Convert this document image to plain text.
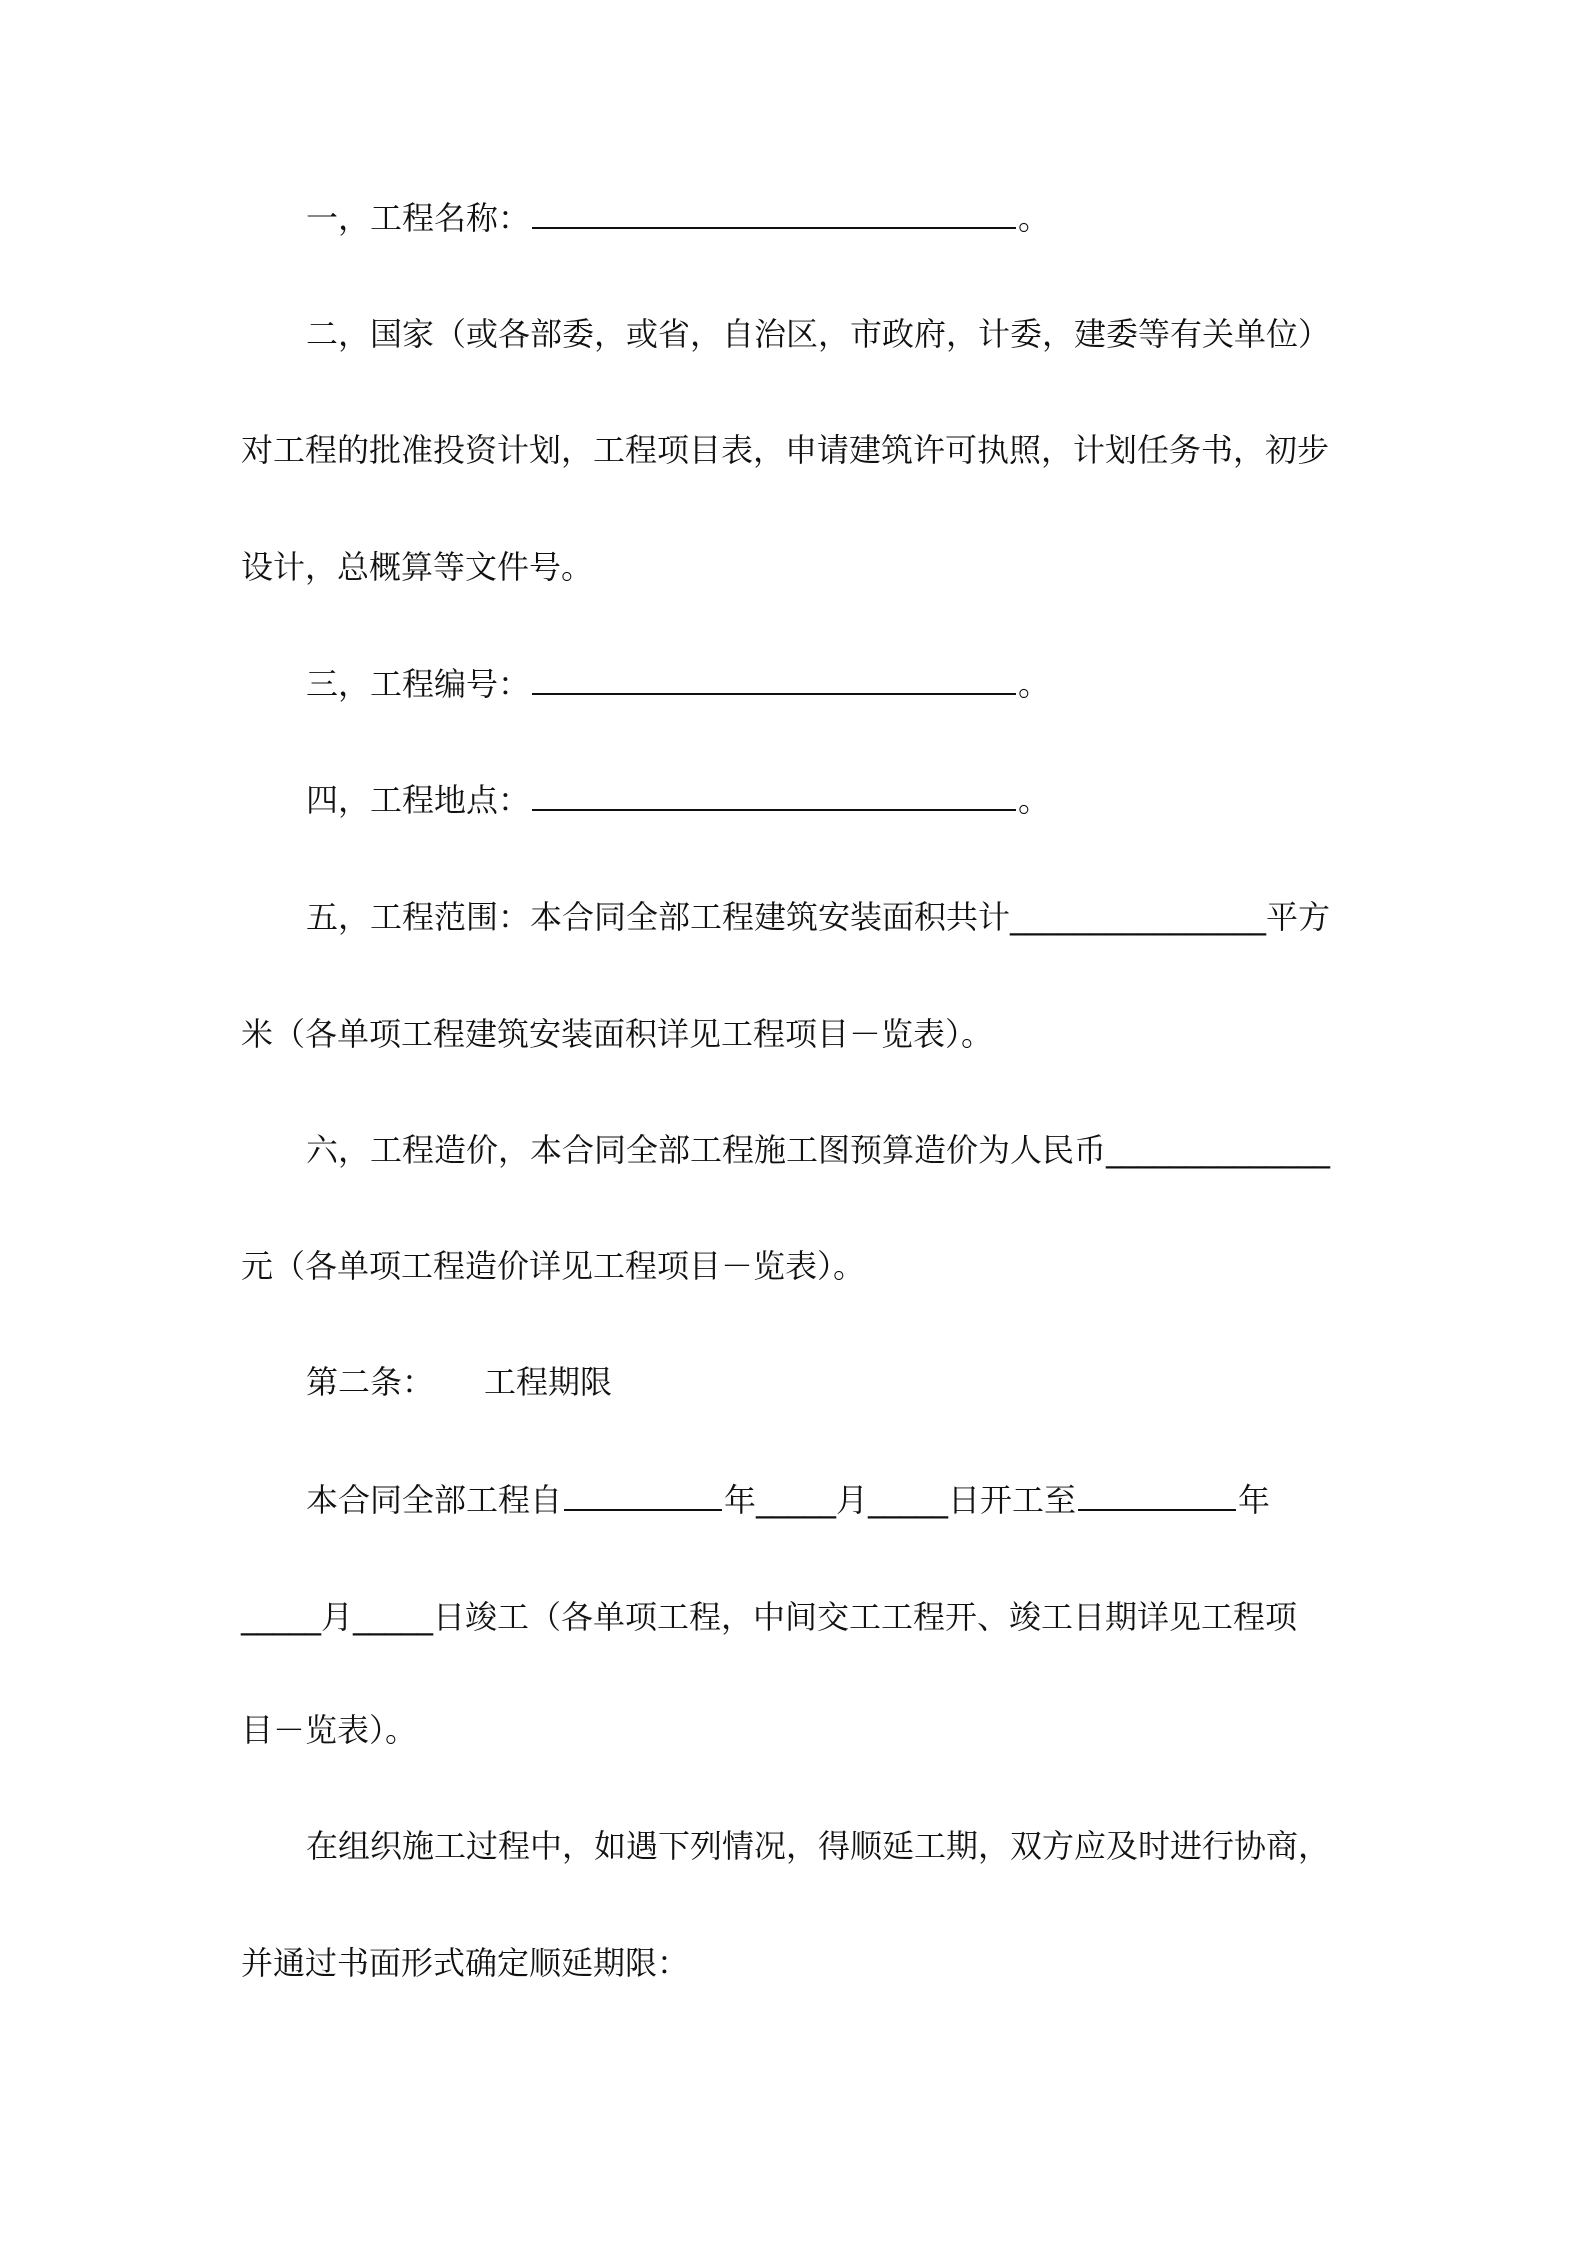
一，工程名称：	。
二，国家（或各部委，或省，自治区，市政府，计委，建委等有关单位）
对工程的批准投资计划，工程项目表，申请建筑许可执照，计划任务书，初步
设计，总概算等文件号。
三，工程编号：	。
四，工程地点：	。
五，工程范围：本合同全部工程建筑安装面积共计________________平方
米（各单项工程建筑安装面积详见工程项目－览表）。
六，工程造价，本合同全部工程施工图预算造价为人民币______________
元（各单项工程造价详见工程项目－览表）。
第二条： 工程期限
本合同全部工程自	年_____月_____日开工至	年
_____月_____日竣工（各单项工程，中间交工工程开、竣工日期详见工程项
目－览表）。
在组织施工过程中，如遇下列情况，得顺延工期，双方应及时进行协商，
并通过书面形式确定顺延期限：
